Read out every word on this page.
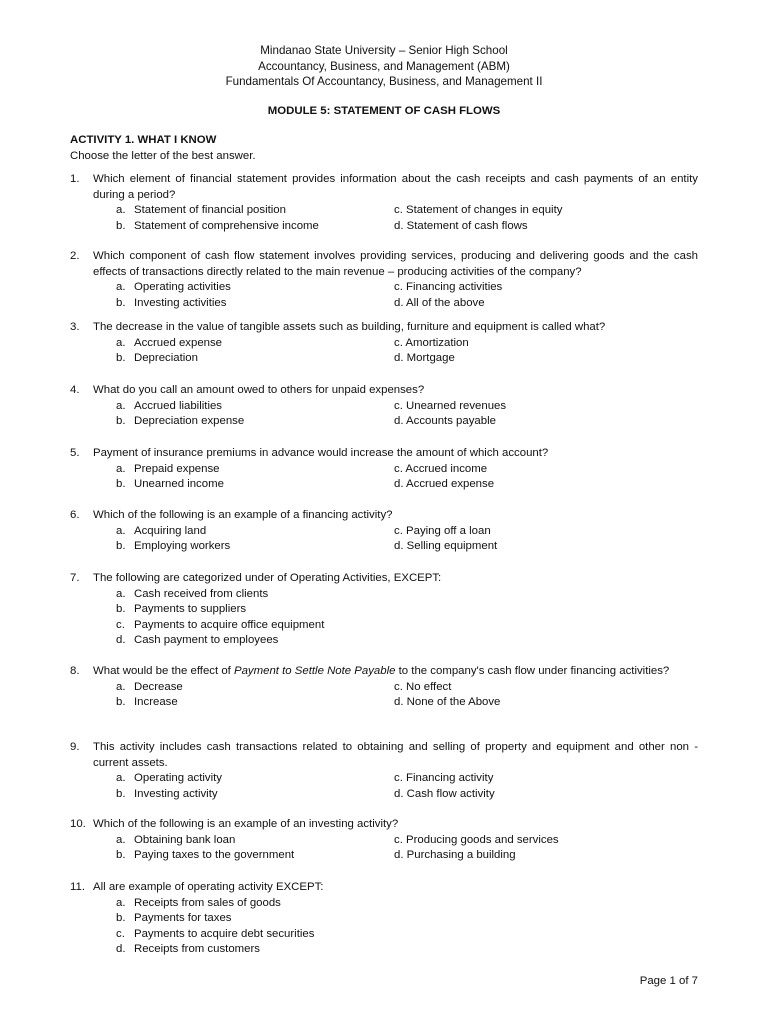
Mindanao State University – Senior High School
Accountancy, Business, and Management (ABM)
Fundamentals Of Accountancy, Business, and Management II
MODULE 5: STATEMENT OF CASH FLOWS
ACTIVITY 1. WHAT I KNOW
Choose the letter of the best answer.
1. Which element of financial statement provides information about the cash receipts and cash payments of an entity during a period?
a. Statement of financial position	c. Statement of changes in equity
b. Statement of comprehensive income	d. Statement of cash flows
2. Which component of cash flow statement involves providing services, producing and delivering goods and the cash effects of transactions directly related to the main revenue – producing activities of the company?
a. Operating activities	c. Financing activities
b. Investing activities	d. All of the above
3. The decrease in the value of tangible assets such as building, furniture and equipment is called what?
a. Accrued expense	c. Amortization
b. Depreciation	d. Mortgage
4. What do you call an amount owed to others for unpaid expenses?
a. Accrued liabilities	c. Unearned revenues
b. Depreciation expense	d. Accounts payable
5. Payment of insurance premiums in advance would increase the amount of which account?
a. Prepaid expense	c. Accrued income
b. Unearned income	d. Accrued expense
6. Which of the following is an example of a financing activity?
a. Acquiring land	c. Paying off a loan
b. Employing workers	d. Selling equipment
7. The following are categorized under of Operating Activities, EXCEPT:
a. Cash received from clients
b. Payments to suppliers
c. Payments to acquire office equipment
d. Cash payment to employees
8. What would be the effect of Payment to Settle Note Payable to the company's cash flow under financing activities?
a. Decrease	c. No effect
b. Increase	d. None of the Above
9. This activity includes cash transactions related to obtaining and selling of property and equipment and other non - current assets.
a. Operating activity	c. Financing activity
b. Investing activity	d. Cash flow activity
10. Which of the following is an example of an investing activity?
a. Obtaining bank loan	c. Producing goods and services
b. Paying taxes to the government	d. Purchasing a building
11. All are example of operating activity EXCEPT:
a. Receipts from sales of goods
b. Payments for taxes
c. Payments to acquire debt securities
d. Receipts from customers
Page 1 of 7
